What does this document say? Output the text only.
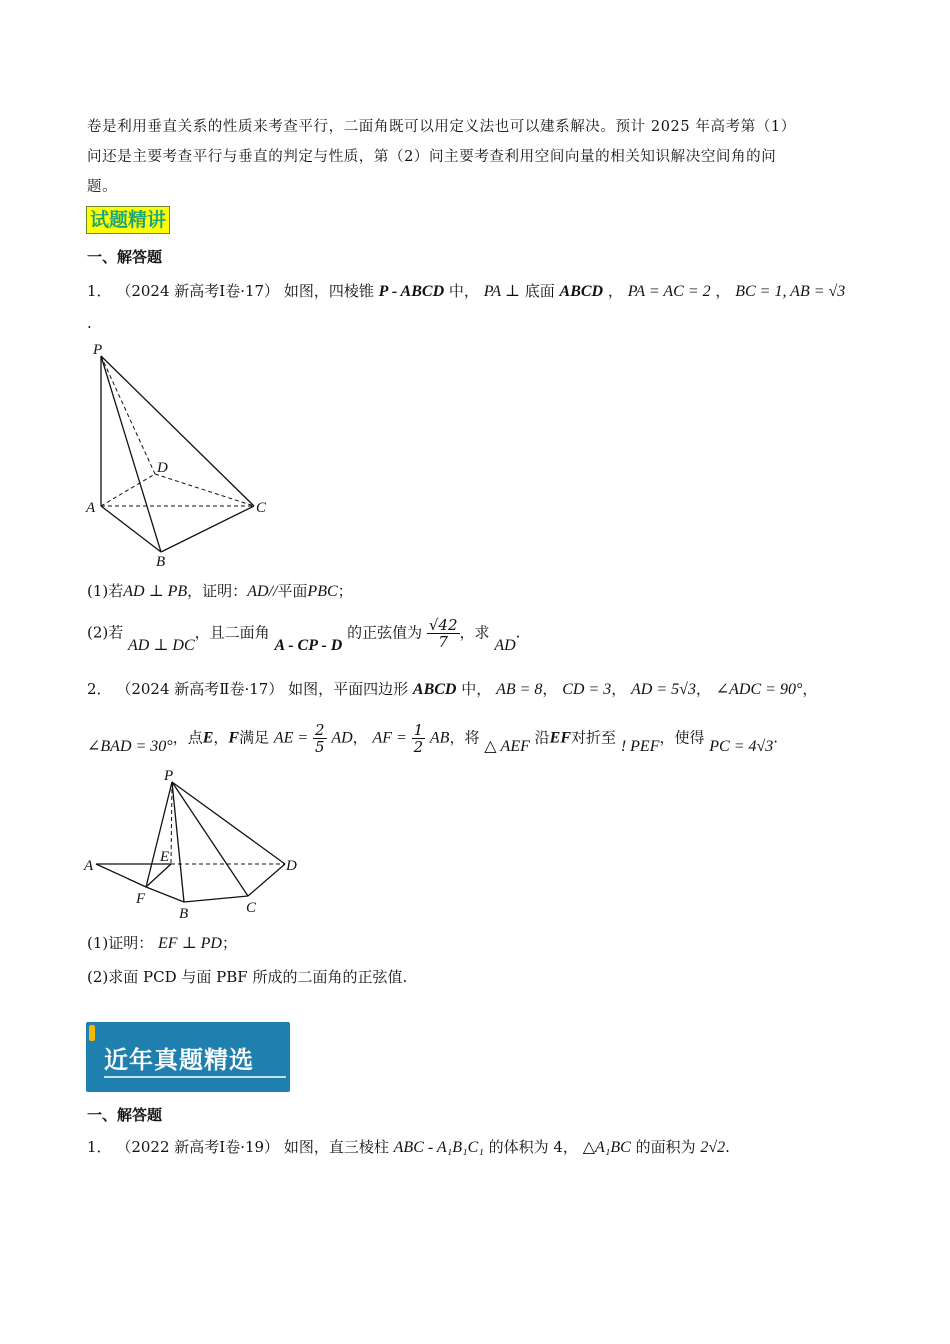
卷是利用垂直关系的性质来考查平行，二面角既可以用定义法也可以建系解决。预计 2025 年高考第（1）
问还是主要考查平行与垂直的判定与性质，第（2）问主要考查利用空间向量的相关知识解决空间角的问
题。
试题精讲
一、解答题
1． （2024 新高考Ⅰ卷·17） 如图，四棱锥 P - ABCD 中， PA ⊥ 底面 ABCD ， PA = AC = 2 ， BC = 1, AB = √3
.
P
D
A	C
B
(1)若AD ⊥ PB，证明：AD//平面PBC；
(2)若 AD ⊥ DC，且二面角 A - CP - D 的正弦值为 $\frac{√42}{7}$ ，求 AD.
2． （2024 新高考Ⅱ卷·17） 如图，平面四边形 ABCD 中， AB = 8， CD = 3， AD = 5√3， ∠ADC = 90°，
∠BAD = 30°，点E，F满足 AE = $\frac{2}{5}$ AD， AF = $\frac{1}{2}$ AB，将 △ AEF 沿EF对折至 ! PEF，使得 PC = 4√3.
P
A
E
D
F
B	C
(1)证明： EF ⊥ PD；
(2)求面 PCD 与面 PBF 所成的二面角的正弦值.
近年真题精选
一、解答题
1． （2022 新高考Ⅰ卷·19） 如图，直三棱柱 ABC - A₁B₁C₁ 的体积为 4， △A₁BC 的面积为 2√2.
